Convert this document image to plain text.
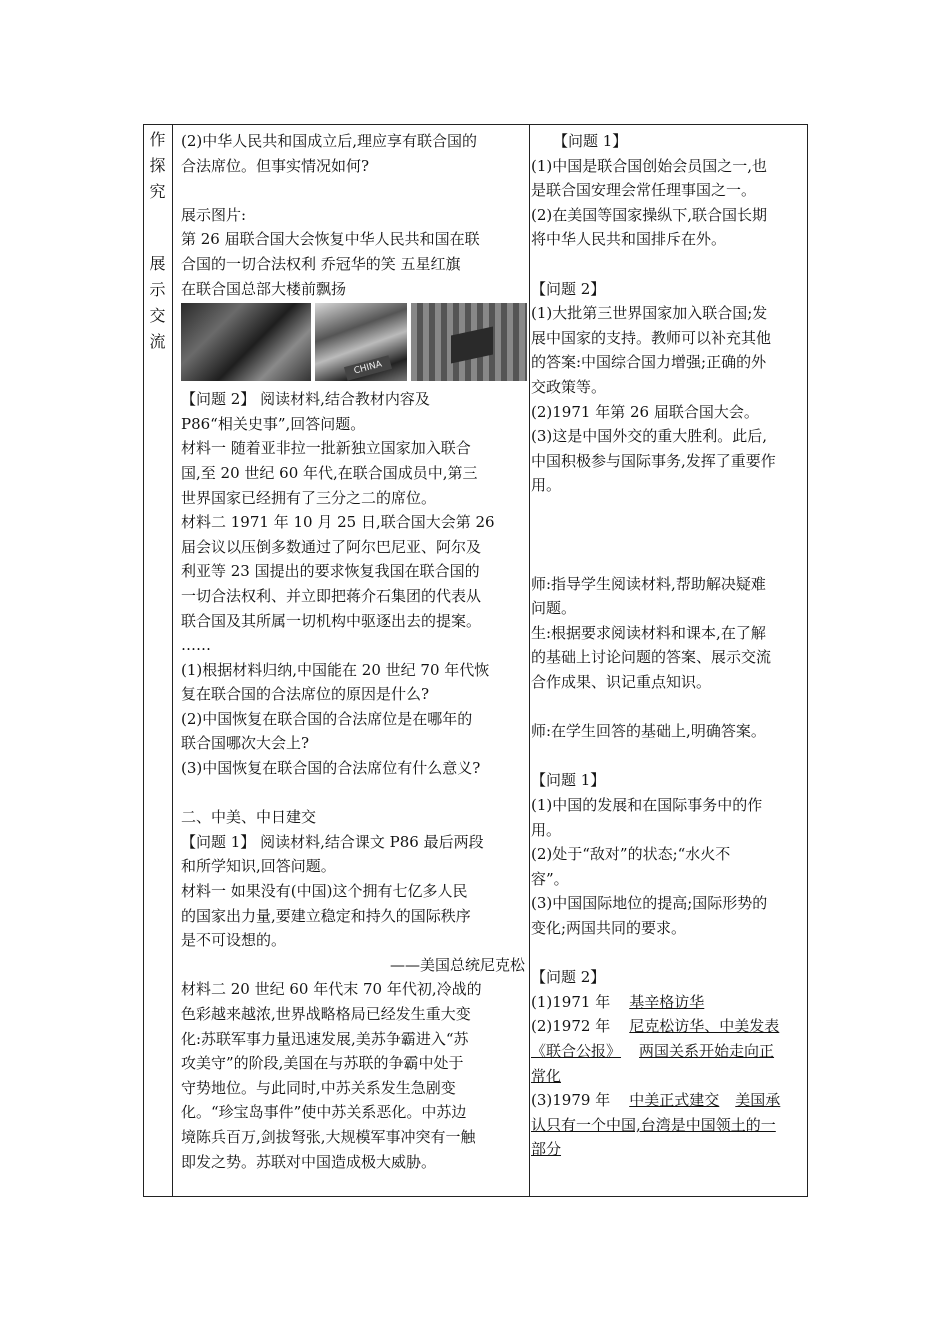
作
探
究
展
示
交
流
(2)中华人民共和国成立后,理应享有联合国的
合法席位。但事实情况如何?
展示图片:
第 26 届联合国大会恢复中华人民共和国在联
合国的一切合法权利 乔冠华的笑 五星红旗
在联合国总部大楼前飘扬
CHINA
【问题 2】 阅读材料,结合教材内容及
P86“相关史事”,回答问题。
材料一 随着亚非拉一批新独立国家加入联合
国,至 20 世纪 60 年代,在联合国成员中,第三
世界国家已经拥有了三分之二的席位。
材料二 1971 年 10 月 25 日,联合国大会第 26
届会议以压倒多数通过了阿尔巴尼亚、阿尔及
利亚等 23 国提出的要求恢复我国在联合国的
一切合法权利、并立即把蒋介石集团的代表从
联合国及其所属一切机构中驱逐出去的提案。
……
(1)根据材料归纳,中国能在 20 世纪 70 年代恢
复在联合国的合法席位的原因是什么?
(2)中国恢复在联合国的合法席位是在哪年的
联合国哪次大会上?
(3)中国恢复在联合国的合法席位有什么意义?
二、中美、中日建交
【问题 1】 阅读材料,结合课文 P86 最后两段
和所学知识,回答问题。
材料一 如果没有(中国)这个拥有七亿多人民
的国家出力量,要建立稳定和持久的国际秩序
是不可设想的。
——美国总统尼克松
材料二 20 世纪 60 年代末 70 年代初,冷战的
色彩越来越浓,世界战略格局已经发生重大变
化:苏联军事力量迅速发展,美苏争霸进入“苏
攻美守”的阶段,美国在与苏联的争霸中处于
守势地位。与此同时,中苏关系发生急剧变
化。“珍宝岛事件”使中苏关系恶化。中苏边
境陈兵百万,剑拔弩张,大规模军事冲突有一触
即发之势。苏联对中国造成极大威胁。
【问题 1】
(1)中国是联合国创始会员国之一,也
是联合国安理会常任理事国之一。
(2)在美国等国家操纵下,联合国长期
将中华人民共和国排斥在外。
【问题 2】
(1)大批第三世界国家加入联合国;发
展中国家的支持。教师可以补充其他
的答案:中国综合国力增强;正确的外
交政策等。
(2)1971 年第 26 届联合国大会。
(3)这是中国外交的重大胜利。此后,
中国积极参与国际事务,发挥了重要作
用。
师:指导学生阅读材料,帮助解决疑难
问题。
生:根据要求阅读材料和课本,在了解
的基础上讨论问题的答案、展示交流
合作成果、识记重点知识。
师:在学生回答的基础上,明确答案。
【问题 1】
(1)中国的发展和在国际事务中的作
用。
(2)处于“敌对”的状态;“水火不
容”。
(3)中国国际地位的提高;国际形势的
变化;两国共同的要求。
【问题 2】
(1)1971 年    基辛格访华
(2)1972 年    尼克松访华、中美发表
《联合公报》 两国关系开始走向正
常化
(3)1979 年    中美正式建交 美国承
认只有一个中国,台湾是中国领土的一
部分
